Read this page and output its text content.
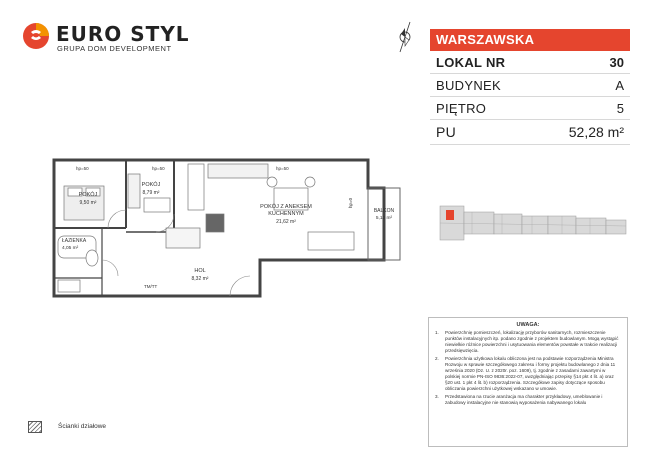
EURO STYL
GRUPA DOM DEVELOPMENT
WARSZAWSKA
LOKAL NR	30
BUDYNEK	A
PIĘTRO	5
PU	52,28 m²
hp=50	hp=50	hp=50
hp=0
TM/TT
POKÓJ
9,50 m²
POKÓJ
8,79 m²
POKÓJ Z ANEKSEM
KUCHENNYM
21,62 m²
BALKON
5,12 m²
ŁAZIENKA
4,05 m²
HOL
8,32 m²
UWAGA:
1.	Powierzchnię pomieszczeń, lokalizację przyborów sanitarnych, rozmieszczenie punktów instalacyjnych itp. podano zgodnie z projektem budowlanym. Mogą wystąpić niewielkie różnice powierzchni i usytuowania elementów powstałe w trakcie realizacji przedsięwzięcia.
2.	Powierzchnia użytkowa lokalu obliczona jest na podstawie rozporządzenia Ministra Rozwoju w sprawie szczegółowego zakresu i formy projektu budowlanego z dnia 11 września 2020 (Dz. U. z 2020r. poz. 1609), tj. zgodnie z zasadami zawartymi w polskiej normie PN-ISO 9836:2022-07, uwzględniając przepisy §14 pkt 4 lit. a) oraz §20 ust. 1 pkt 4 lit. b) rozporządzenia. Szczegółowe zapisy dotyczące sposobu obliczania powierzchni użytkowej wskazano w umowie.
3.	Przedstawiona na rzucie aranżacja ma charakter przykładowy, umeblowanie i zabudowy instalacyjne nie stanowią wyposażenia nabywanego lokalu
Ścianki działowe
